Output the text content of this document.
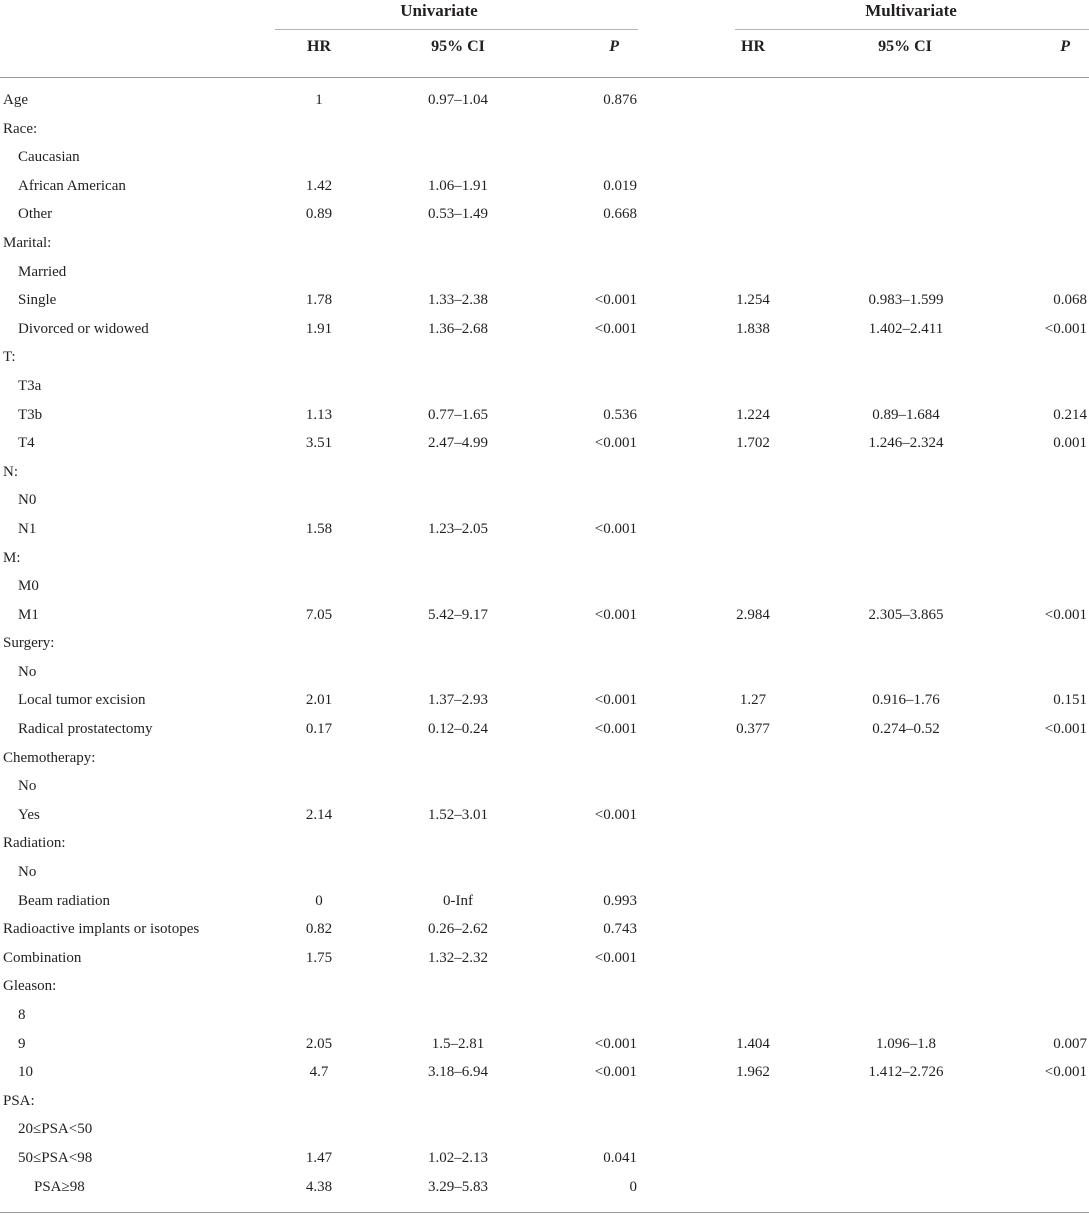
Univariate	Multivariate
HR	95% CI	P	HR	95% CI	P
Age	1	0.97–1.04	0.876
Race:
Caucasian
African American	1.42	1.06–1.91	0.019
Other	0.89	0.53–1.49	0.668
Marital:
Married
Single	1.78	1.33–2.38	<0.001	1.254	0.983–1.599	0.068
Divorced or widowed	1.91	1.36–2.68	<0.001	1.838	1.402–2.411	<0.001
T:
T3a
T3b	1.13	0.77–1.65	0.536	1.224	0.89–1.684	0.214
T4	3.51	2.47–4.99	<0.001	1.702	1.246–2.324	0.001
N:
N0
N1	1.58	1.23–2.05	<0.001
M:
M0
M1	7.05	5.42–9.17	<0.001	2.984	2.305–3.865	<0.001
Surgery:
No
Local tumor excision	2.01	1.37–2.93	<0.001	1.27	0.916–1.76	0.151
Radical prostatectomy	0.17	0.12–0.24	<0.001	0.377	0.274–0.52	<0.001
Chemotherapy:
No
Yes	2.14	1.52–3.01	<0.001
Radiation:
No
Beam radiation	0	0-Inf	0.993
Radioactive implants or isotopes	0.82	0.26–2.62	0.743
Combination	1.75	1.32–2.32	<0.001
Gleason:
8
9	2.05	1.5–2.81	<0.001	1.404	1.096–1.8	0.007
10	4.7	3.18–6.94	<0.001	1.962	1.412–2.726	<0.001
PSA:
20≤PSA<50
50≤PSA<98	1.47	1.02–2.13	0.041
PSA≥98	4.38	3.29–5.83	0
